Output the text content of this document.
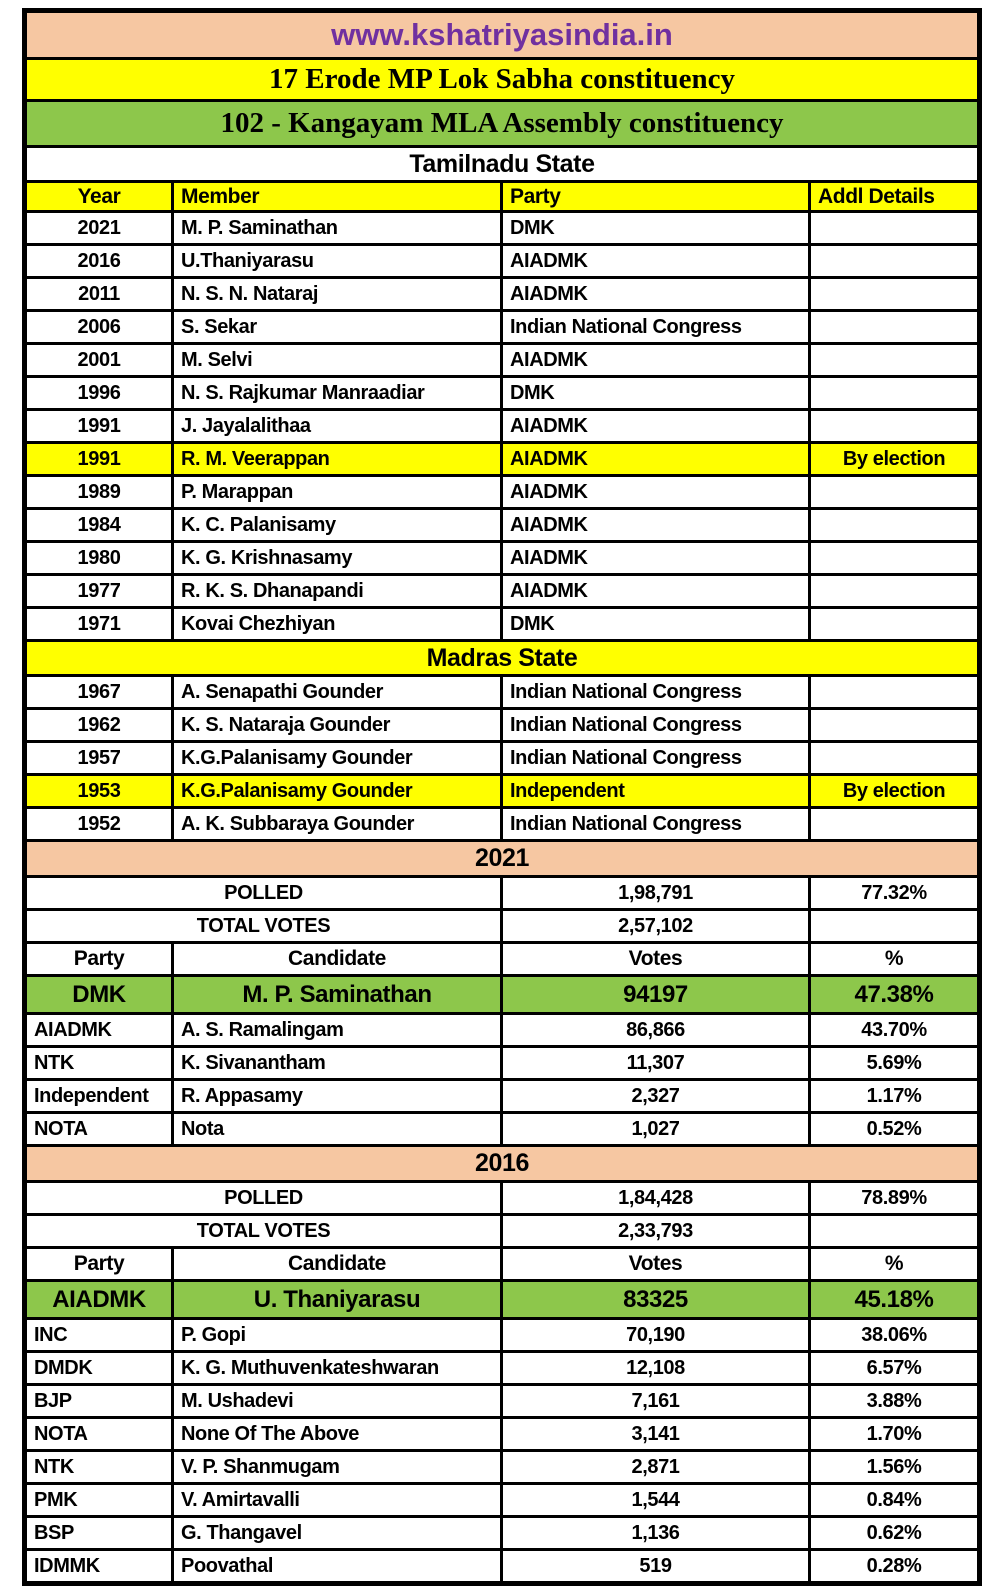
www.kshatriyasindia.in			
17 Erode MP Lok Sabha constituency			
102 - Kangayam MLA Assembly constituency			
Tamilnadu State			
Year	Member	Party	Addl Details
2021	M. P. Saminathan	DMK	
2016	U.Thaniyarasu	AIADMK	
2011	N. S. N. Nataraj	AIADMK	
2006	S. Sekar	Indian National Congress	
2001	M. Selvi	AIADMK	
1996	N. S. Rajkumar Manraadiar	DMK	
1991	J. Jayalalithaa	AIADMK	
1991	R. M. Veerappan	AIADMK	By election
1989	P. Marappan	AIADMK	
1984	K. C. Palanisamy	AIADMK	
1980	K. G. Krishnasamy	AIADMK	
1977	R. K. S. Dhanapandi	AIADMK	
1971	Kovai Chezhiyan	DMK	
Madras State			
1967	A. Senapathi Gounder	Indian National Congress	
1962	K. S. Nataraja Gounder	Indian National Congress	
1957	K.G.Palanisamy Gounder	Indian National Congress	
1953	K.G.Palanisamy Gounder	Independent	By election
1952	A. K. Subbaraya Gounder	Indian National Congress	
2021			
POLLED		1,98,791	77.32%
TOTAL VOTES		2,57,102	
Party	Candidate	Votes	%
DMK	M. P. Saminathan	94197	47.38%
AIADMK	A. S. Ramalingam	86,866	43.70%
NTK	K. Sivanantham	11,307	5.69%
Independent	R. Appasamy	2,327	1.17%
NOTA	Nota	1,027	0.52%
2016			
POLLED		1,84,428	78.89%
TOTAL VOTES		2,33,793	
Party	Candidate	Votes	%
AIADMK	U. Thaniyarasu	83325	45.18%
INC	P. Gopi	70,190	38.06%
DMDK	K. G. Muthuvenkateshwaran	12,108	6.57%
BJP	M. Ushadevi	7,161	3.88%
NOTA	None Of The Above	3,141	1.70%
NTK	V. P. Shanmugam	2,871	1.56%
PMK	V. Amirtavalli	1,544	0.84%
BSP	G. Thangavel	1,136	0.62%
IDMMK	Poovathal	519	0.28%
